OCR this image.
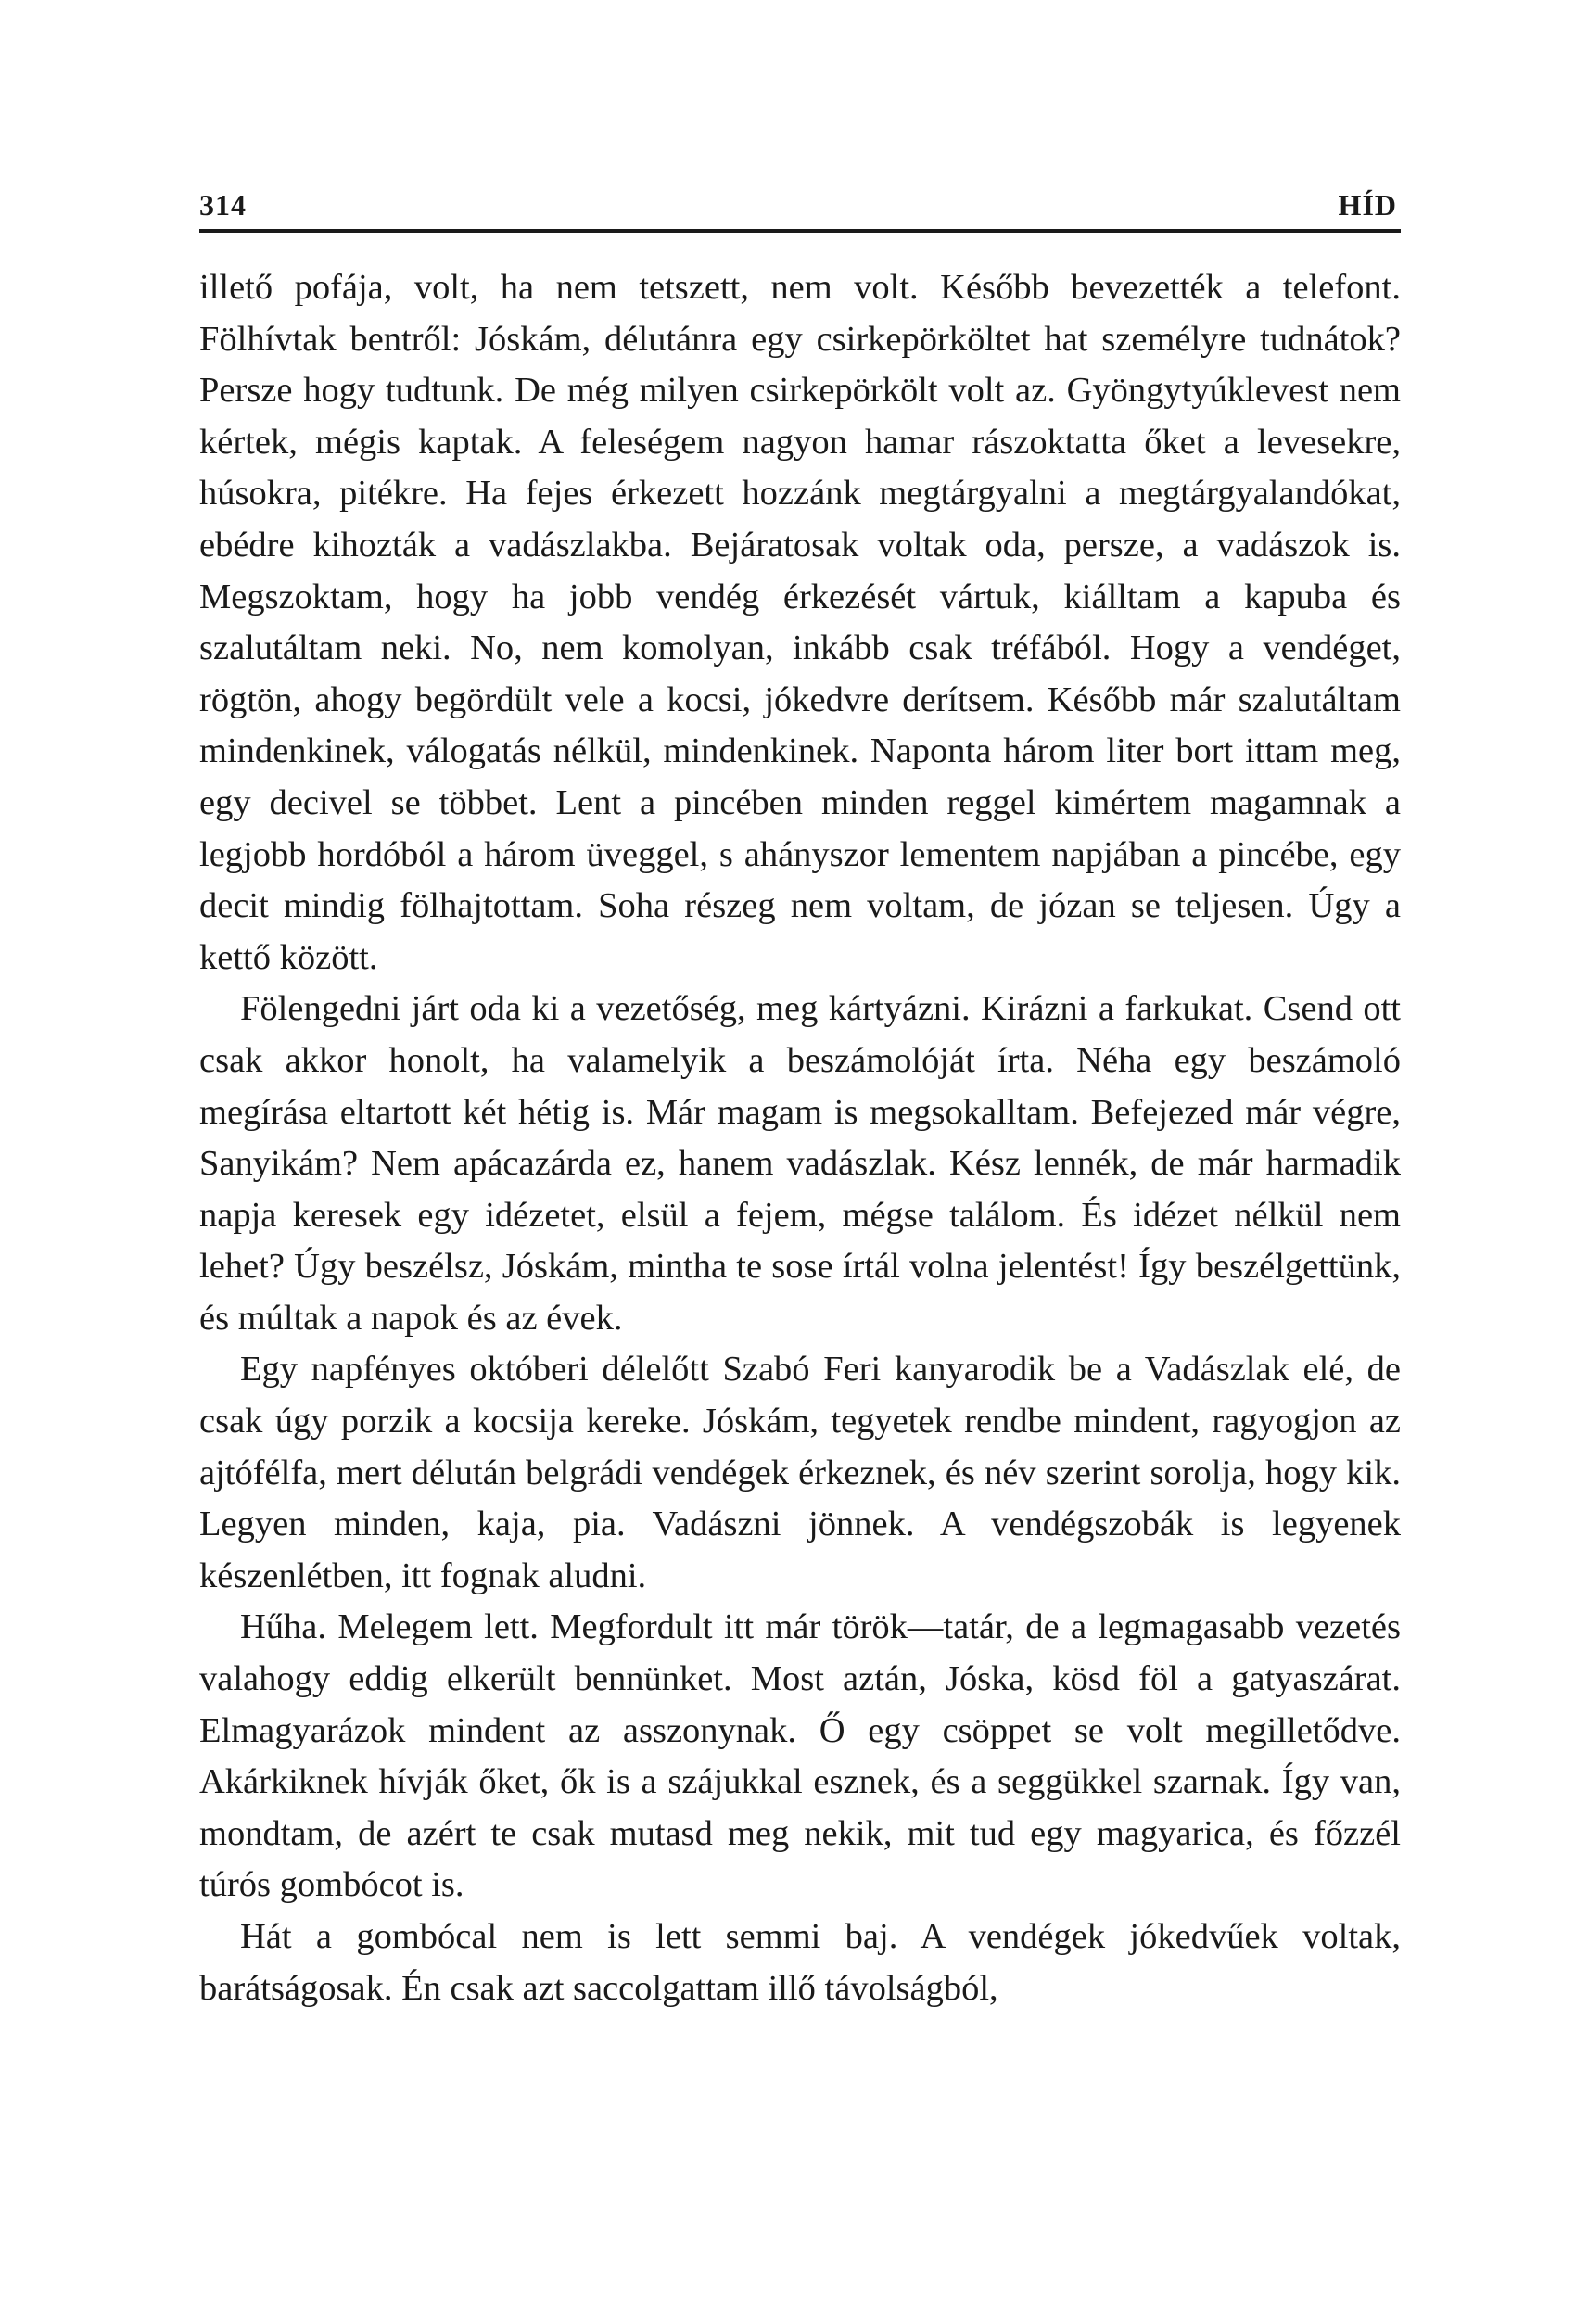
314	HÍD

illető pofája, volt, ha nem tetszett, nem volt. Később bevezették a telefont. Fölhívtak bentről: Jóskám, délutánra egy csirkepörköltet hat személyre tudnátok? Persze hogy tudtunk. De még milyen csirkepörkölt volt az. Gyöngytyúklevest nem kértek, mégis kaptak. A feleségem nagyon hamar rászoktatta őket a levesekre, húsokra, pitékre. Ha fejes érkezett hozzánk megtárgyalni a megtárgyalandókat, ebédre kihozták a vadászlakba. Bejáratosak voltak oda, persze, a vadászok is. Megszoktam, hogy ha jobb vendég érkezését vártuk, kiálltam a kapuba és szalutáltam neki. No, nem komolyan, inkább csak tréfából. Hogy a vendéget, rögtön, ahogy begördült vele a kocsi, jókedvre derítsem. Később már szalutáltam mindenkinek, válogatás nélkül, mindenkinek. Naponta három liter bort ittam meg, egy decivel se többet. Lent a pincében minden reggel kimértem magamnak a legjobb hordóból a három üveggel, s ahányszor lementem napjában a pincébe, egy decit mindig fölhajtottam. Soha részeg nem voltam, de józan se teljesen. Úgy a kettő között.

Fölengedni járt oda ki a vezetőség, meg kártyázni. Kirázni a farkukat. Csend ott csak akkor honolt, ha valamelyik a beszámolóját írta. Néha egy beszámoló megírása eltartott két hétig is. Már magam is megsokalltam. Befejezed már végre, Sanyikám? Nem apácazárda ez, hanem vadászlak. Kész lennék, de már harmadik napja keresek egy idézetet, elsül a fejem, mégse találom. És idézet nélkül nem lehet? Úgy beszélsz, Jóskám, mintha te sose írtál volna jelentést! Így beszélgettünk, és múltak a napok és az évek.

Egy napfényes októberi délelőtt Szabó Feri kanyarodik be a Vadászlak elé, de csak úgy porzik a kocsija kereke. Jóskám, tegyetek rendbe mindent, ragyogjon az ajtófélfa, mert délután belgrádi vendégek érkeznek, és név szerint sorolja, hogy kik. Legyen minden, kaja, pia. Vadászni jönnek. A vendégszobák is legyenek készenlétben, itt fognak aludni.

Hűha. Melegem lett. Megfordult itt már török—tatár, de a legmagasabb vezetés valahogy eddig elkerült bennünket. Most aztán, Jóska, kösd föl a gatyaszárat. Elmagyarázok mindent az asszonynak. Ő egy csöppet se volt megilletődve. Akárkiknek hívják őket, ők is a szájukkal esznek, és a seggükkel szarnak. Így van, mondtam, de azért te csak mutasd meg nekik, mit tud egy magyarica, és főzzél túrós gombócot is.

Hát a gombócal nem is lett semmi baj. A vendégek jókedvűek voltak, barátságosak. Én csak azt saccolgattam illő távolságból,
